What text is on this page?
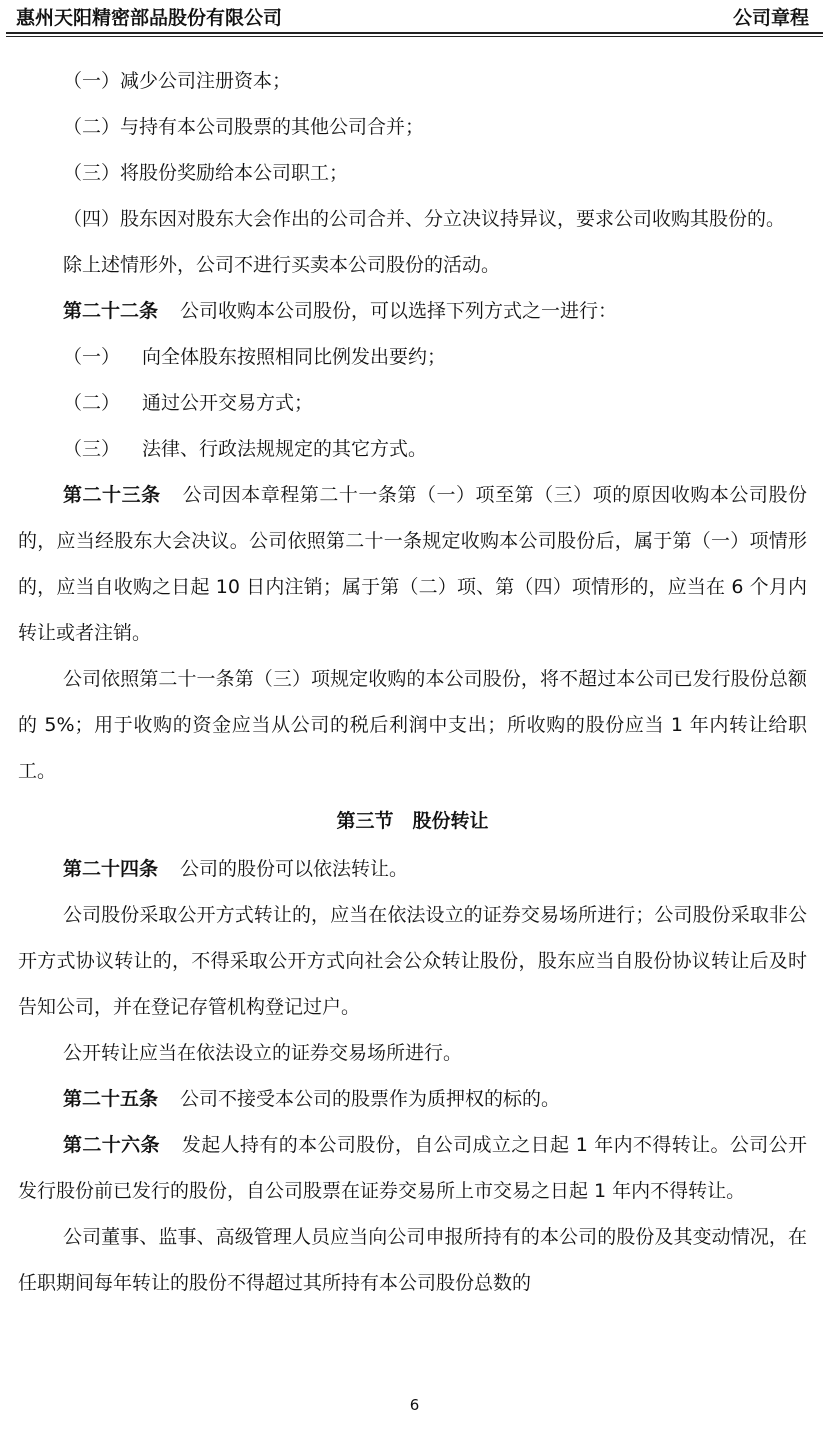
惠州天阳精密部品股份有限公司	公司章程

（一）减少公司注册资本；

（二）与持有本公司股票的其他公司合并；

（三）将股份奖励给本公司职工；

（四）股东因对股东大会作出的公司合并、分立决议持异议，要求公司收购其股份的。

除上述情形外，公司不进行买卖本公司股份的活动。

第二十二条 公司收购本公司股份，可以选择下列方式之一进行：

（一） 向全体股东按照相同比例发出要约；

（二） 通过公开交易方式；

（三） 法律、行政法规规定的其它方式。

第二十三条 公司因本章程第二十一条第（一）项至第（三）项的原因收购本公司股份的，应当经股东大会决议。公司依照第二十一条规定收购本公司股份后，属于第（一）项情形的，应当自收购之日起 10 日内注销；属于第（二）项、第（四）项情形的，应当在 6 个月内转让或者注销。

公司依照第二十一条第（三）项规定收购的本公司股份，将不超过本公司已发行股份总额的 5%；用于收购的资金应当从公司的税后利润中支出；所收购的股份应当 1 年内转让给职工。

第三节　股份转让

第二十四条 公司的股份可以依法转让。

公司股份采取公开方式转让的，应当在依法设立的证券交易场所进行；公司股份采取非公开方式协议转让的，不得采取公开方式向社会公众转让股份，股东应当自股份协议转让后及时告知公司，并在登记存管机构登记过户。

公开转让应当在依法设立的证券交易场所进行。

第二十五条 公司不接受本公司的股票作为质押权的标的。

第二十六条 发起人持有的本公司股份，自公司成立之日起 1 年内不得转让。公司公开发行股份前已发行的股份，自公司股票在证券交易所上市交易之日起 1 年内不得转让。

公司董事、监事、高级管理人员应当向公司申报所持有的本公司的股份及其变动情况，在任职期间每年转让的股份不得超过其所持有本公司股份总数的

6
